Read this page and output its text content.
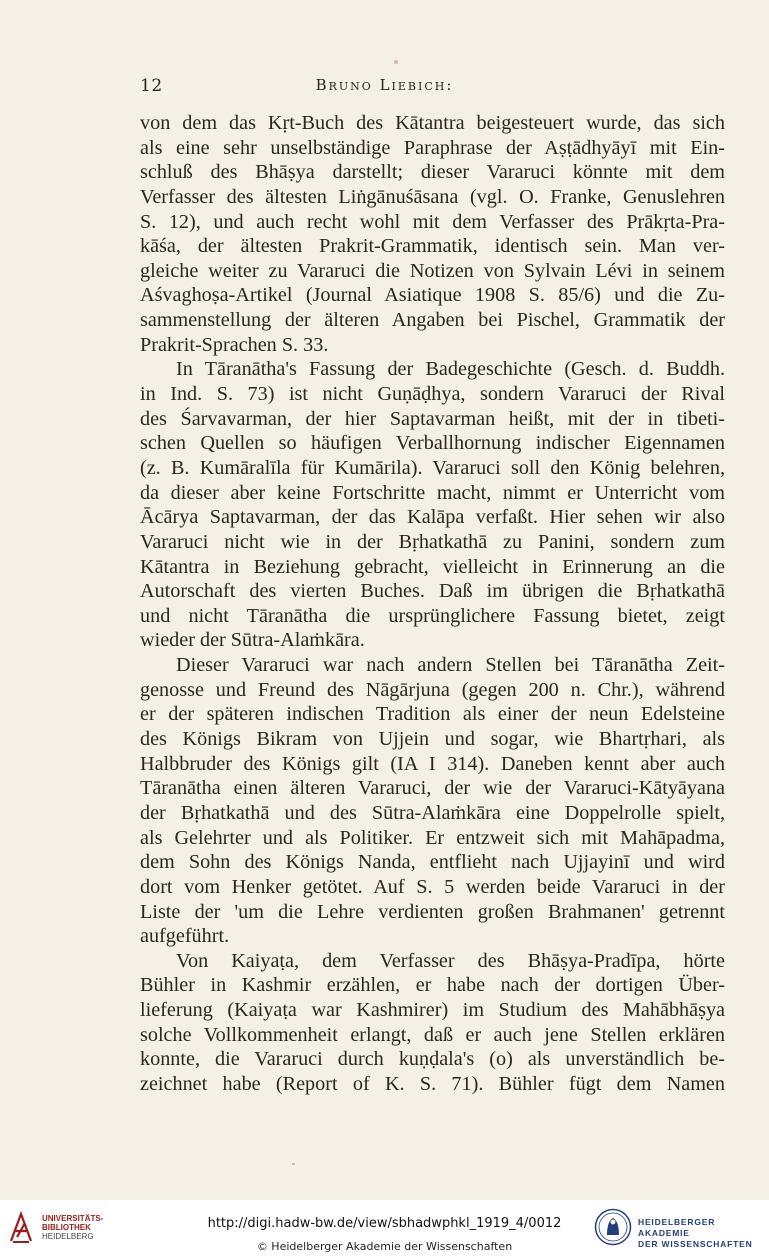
12	Bruno Liebich:
von dem das Kṛt-Buch des Kātantra beigesteuert wurde, das sich
als eine sehr unselbständige Paraphrase der Aṣṭādhyāyī mit Ein-
schluß des Bhāṣya darstellt; dieser Vararuci könnte mit dem
Verfasser des ältesten Liṅgānuśāsana (vgl. O. Franke, Genuslehren
S. 12), und auch recht wohl mit dem Verfasser des Prākṛta-Pra-
kāśa, der ältesten Prakrit-Grammatik, identisch sein. Man ver-
gleiche weiter zu Vararuci die Notizen von Sylvain Lévi in seinem
Aśvaghoṣa-Artikel (Journal Asiatique 1908 S. 85/6) und die Zu-
sammenstellung der älteren Angaben bei Pischel, Grammatik der
Prakrit-Sprachen S. 33.
In Tāranātha's Fassung der Badegeschichte (Gesch. d. Buddh.
in Ind. S. 73) ist nicht Guṇāḍhya, sondern Vararuci der Rival
des Śarvavarman, der hier Saptavarman heißt, mit der in tibeti-
schen Quellen so häufigen Verballhornung indischer Eigennamen
(z. B. Kumāralīla für Kumārila). Vararuci soll den König belehren,
da dieser aber keine Fortschritte macht, nimmt er Unterricht vom
Ācārya Saptavarman, der das Kalāpa verfaßt. Hier sehen wir also
Vararuci nicht wie in der Bṛhatkathā zu Panini, sondern zum
Kātantra in Beziehung gebracht, vielleicht in Erinnerung an die
Autorschaft des vierten Buches. Daß im übrigen die Bṛhatkathā
und nicht Tāranātha die ursprünglichere Fassung bietet, zeigt
wieder der Sūtra-Alaṁkāra.
Dieser Vararuci war nach andern Stellen bei Tāranātha Zeit-
genosse und Freund des Nāgārjuna (gegen 200 n. Chr.), während
er der späteren indischen Tradition als einer der neun Edelsteine
des Königs Bikram von Ujjein und sogar, wie Bhartṛhari, als
Halbbruder des Königs gilt (IA I 314). Daneben kennt aber auch
Tāranātha einen älteren Vararuci, der wie der Vararuci-Kātyāyana
der Bṛhatkathā und des Sūtra-Alaṁkāra eine Doppelrolle spielt,
als Gelehrter und als Politiker. Er entzweit sich mit Mahāpadma,
dem Sohn des Königs Nanda, entflieht nach Ujjayinī und wird
dort vom Henker getötet. Auf S. 5 werden beide Vararuci in der
Liste der 'um die Lehre verdienten großen Brahmanen' getrennt
aufgeführt.
Von Kaiyaṭa, dem Verfasser des Bhāṣya-Pradīpa, hörte
Bühler in Kashmir erzählen, er habe nach der dortigen Über-
lieferung (Kaiyaṭa war Kashmirer) im Studium des Mahābhāṣya
solche Vollkommenheit erlangt, daß er auch jene Stellen erklären
konnte, die Vararuci durch kuṇḍala's (o) als unverständlich be-
zeichnet habe (Report of K. S. 71). Bühler fügt dem Namen
UNIVERSITÄTS-
BIBLIOTHEK
HEIDELBERG
http://digi.hadw-bw.de/view/sbhadwphkl_1919_4/0012
© Heidelberger Akademie der Wissenschaften
HEIDELBERGER AKADEMIE
DER WISSENSCHAFTEN
